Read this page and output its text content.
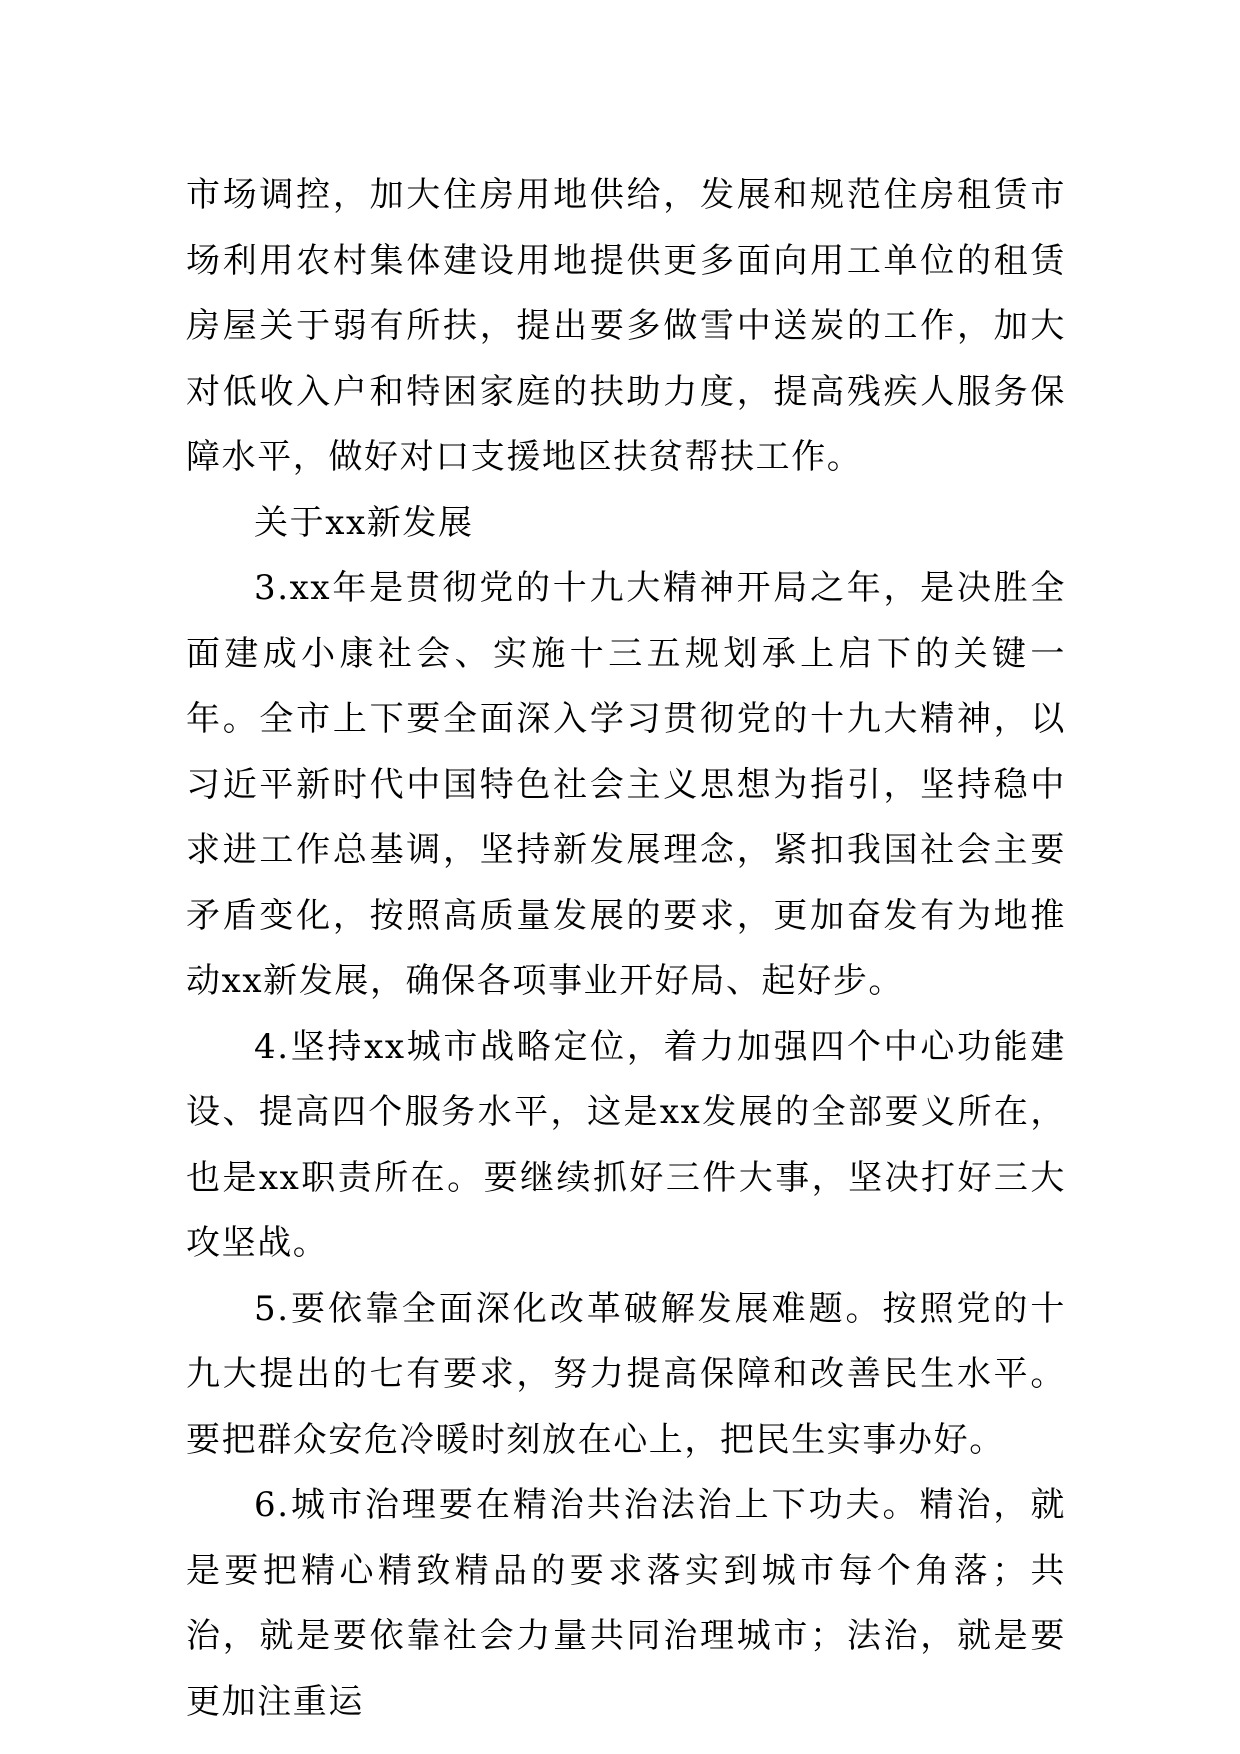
市场调控，加大住房用地供给，发展和规范住房租赁市场利用农村集体建设用地提供更多面向用工单位的租赁房屋关于弱有所扶，提出要多做雪中送炭的工作，加大对低收入户和特困家庭的扶助力度，提高残疾人服务保障水平，做好对口支援地区扶贫帮扶工作。

关于xx新发展

3.xx年是贯彻党的十九大精神开局之年，是决胜全面建成小康社会、实施十三五规划承上启下的关键一年。全市上下要全面深入学习贯彻党的十九大精神，以习近平新时代中国特色社会主义思想为指引，坚持稳中求进工作总基调，坚持新发展理念，紧扣我国社会主要矛盾变化，按照高质量发展的要求，更加奋发有为地推动xx新发展，确保各项事业开好局、起好步。

4.坚持xx城市战略定位，着力加强四个中心功能建设、提高四个服务水平，这是xx发展的全部要义所在，也是xx职责所在。要继续抓好三件大事，坚决打好三大攻坚战。

5.要依靠全面深化改革破解发展难题。按照党的十九大提出的七有要求，努力提高保障和改善民生水平。要把群众安危冷暖时刻放在心上，把民生实事办好。

6.城市治理要在精治共治法治上下功夫。精治，就是要把精心精致精品的要求落实到城市每个角落；共治，就是要依靠社会力量共同治理城市；法治，就是要更加注重运
